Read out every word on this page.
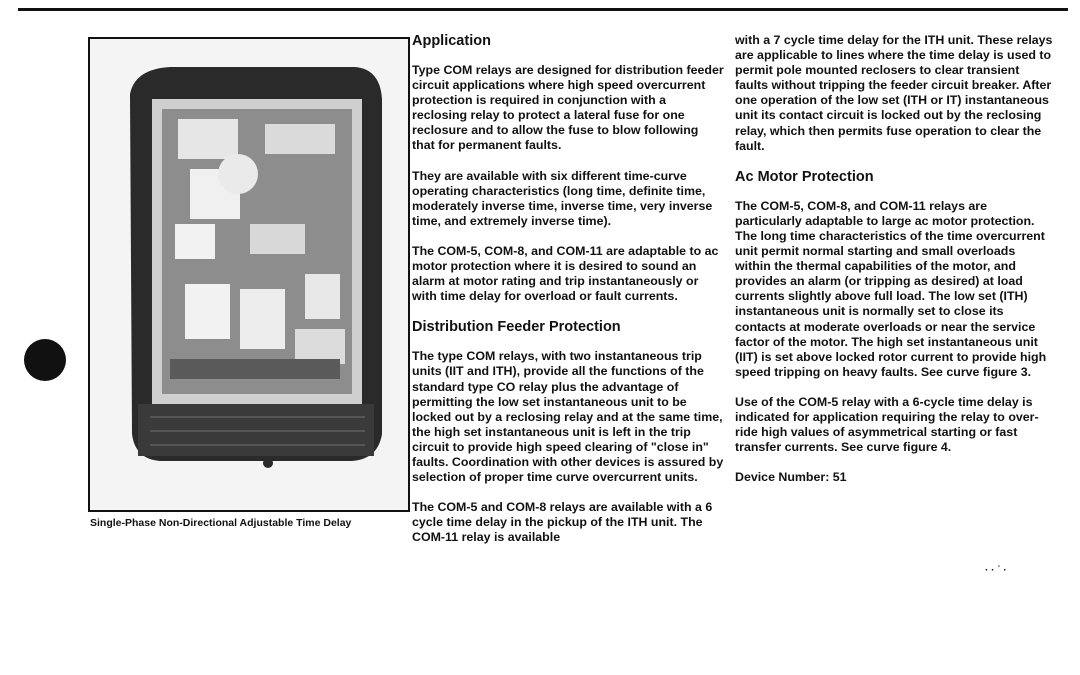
Single-Phase Non-Directional Adjustable Time Delay
Application

Type COM relays are designed for distribution feeder circuit applications where high speed overcurrent protection is required in conjunction with a reclosing relay to protect a lateral fuse for one reclosure and to allow the fuse to blow following that for permanent faults.

They are available with six different time-curve operating characteristics (long time, definite time, moderately inverse time, inverse time, very inverse time, and extremely inverse time).

The COM-5, COM-8, and COM-11 are adaptable to ac motor protection where it is desired to sound an alarm at motor rating and trip instantaneously or with time delay for overload or fault currents.

Distribution Feeder Protection

The type COM relays, with two instantaneous trip units (IIT and ITH), provide all the functions of the standard type CO relay plus the advantage of permitting the low set instantaneous unit to be locked out by a reclosing relay and at the same time, the high set instantaneous unit is left in the trip circuit to provide high speed clearing of "close in" faults. Coordination with other devices is assured by selection of proper time curve overcurrent units.

The COM-5 and COM-8 relays are available with a 6 cycle time delay in the pickup of the ITH unit. The COM-11 relay is available

with a 7 cycle time delay for the ITH unit. These relays are applicable to lines where the time delay is used to permit pole mounted reclosers to clear transient faults without tripping the feeder circuit breaker. After one operation of the low set (ITH or IT) instantaneous unit its contact circuit is locked out by the reclosing relay, which then permits fuse operation to clear the fault.

Ac Motor Protection

The COM-5, COM-8, and COM-11 relays are particularly adaptable to large ac motor protection. The long time characteristics of the time overcurrent unit permit normal starting and small overloads within the thermal capabilities of the motor, and provides an alarm (or tripping as desired) at load currents slightly above full load. The low set (ITH) instantaneous unit is normally set to close its contacts at moderate overloads or near the service factor of the motor. The high set instantaneous unit (IIT) is set above locked rotor current to provide high speed tripping on heavy faults. See curve figure 3.

Use of the COM-5 relay with a 6-cycle time delay is indicated for application requiring the relay to over-ride high values of asymmetrical starting or fast transfer currents. See curve figure 4.

Device Number: 51
· · ˙ ·
